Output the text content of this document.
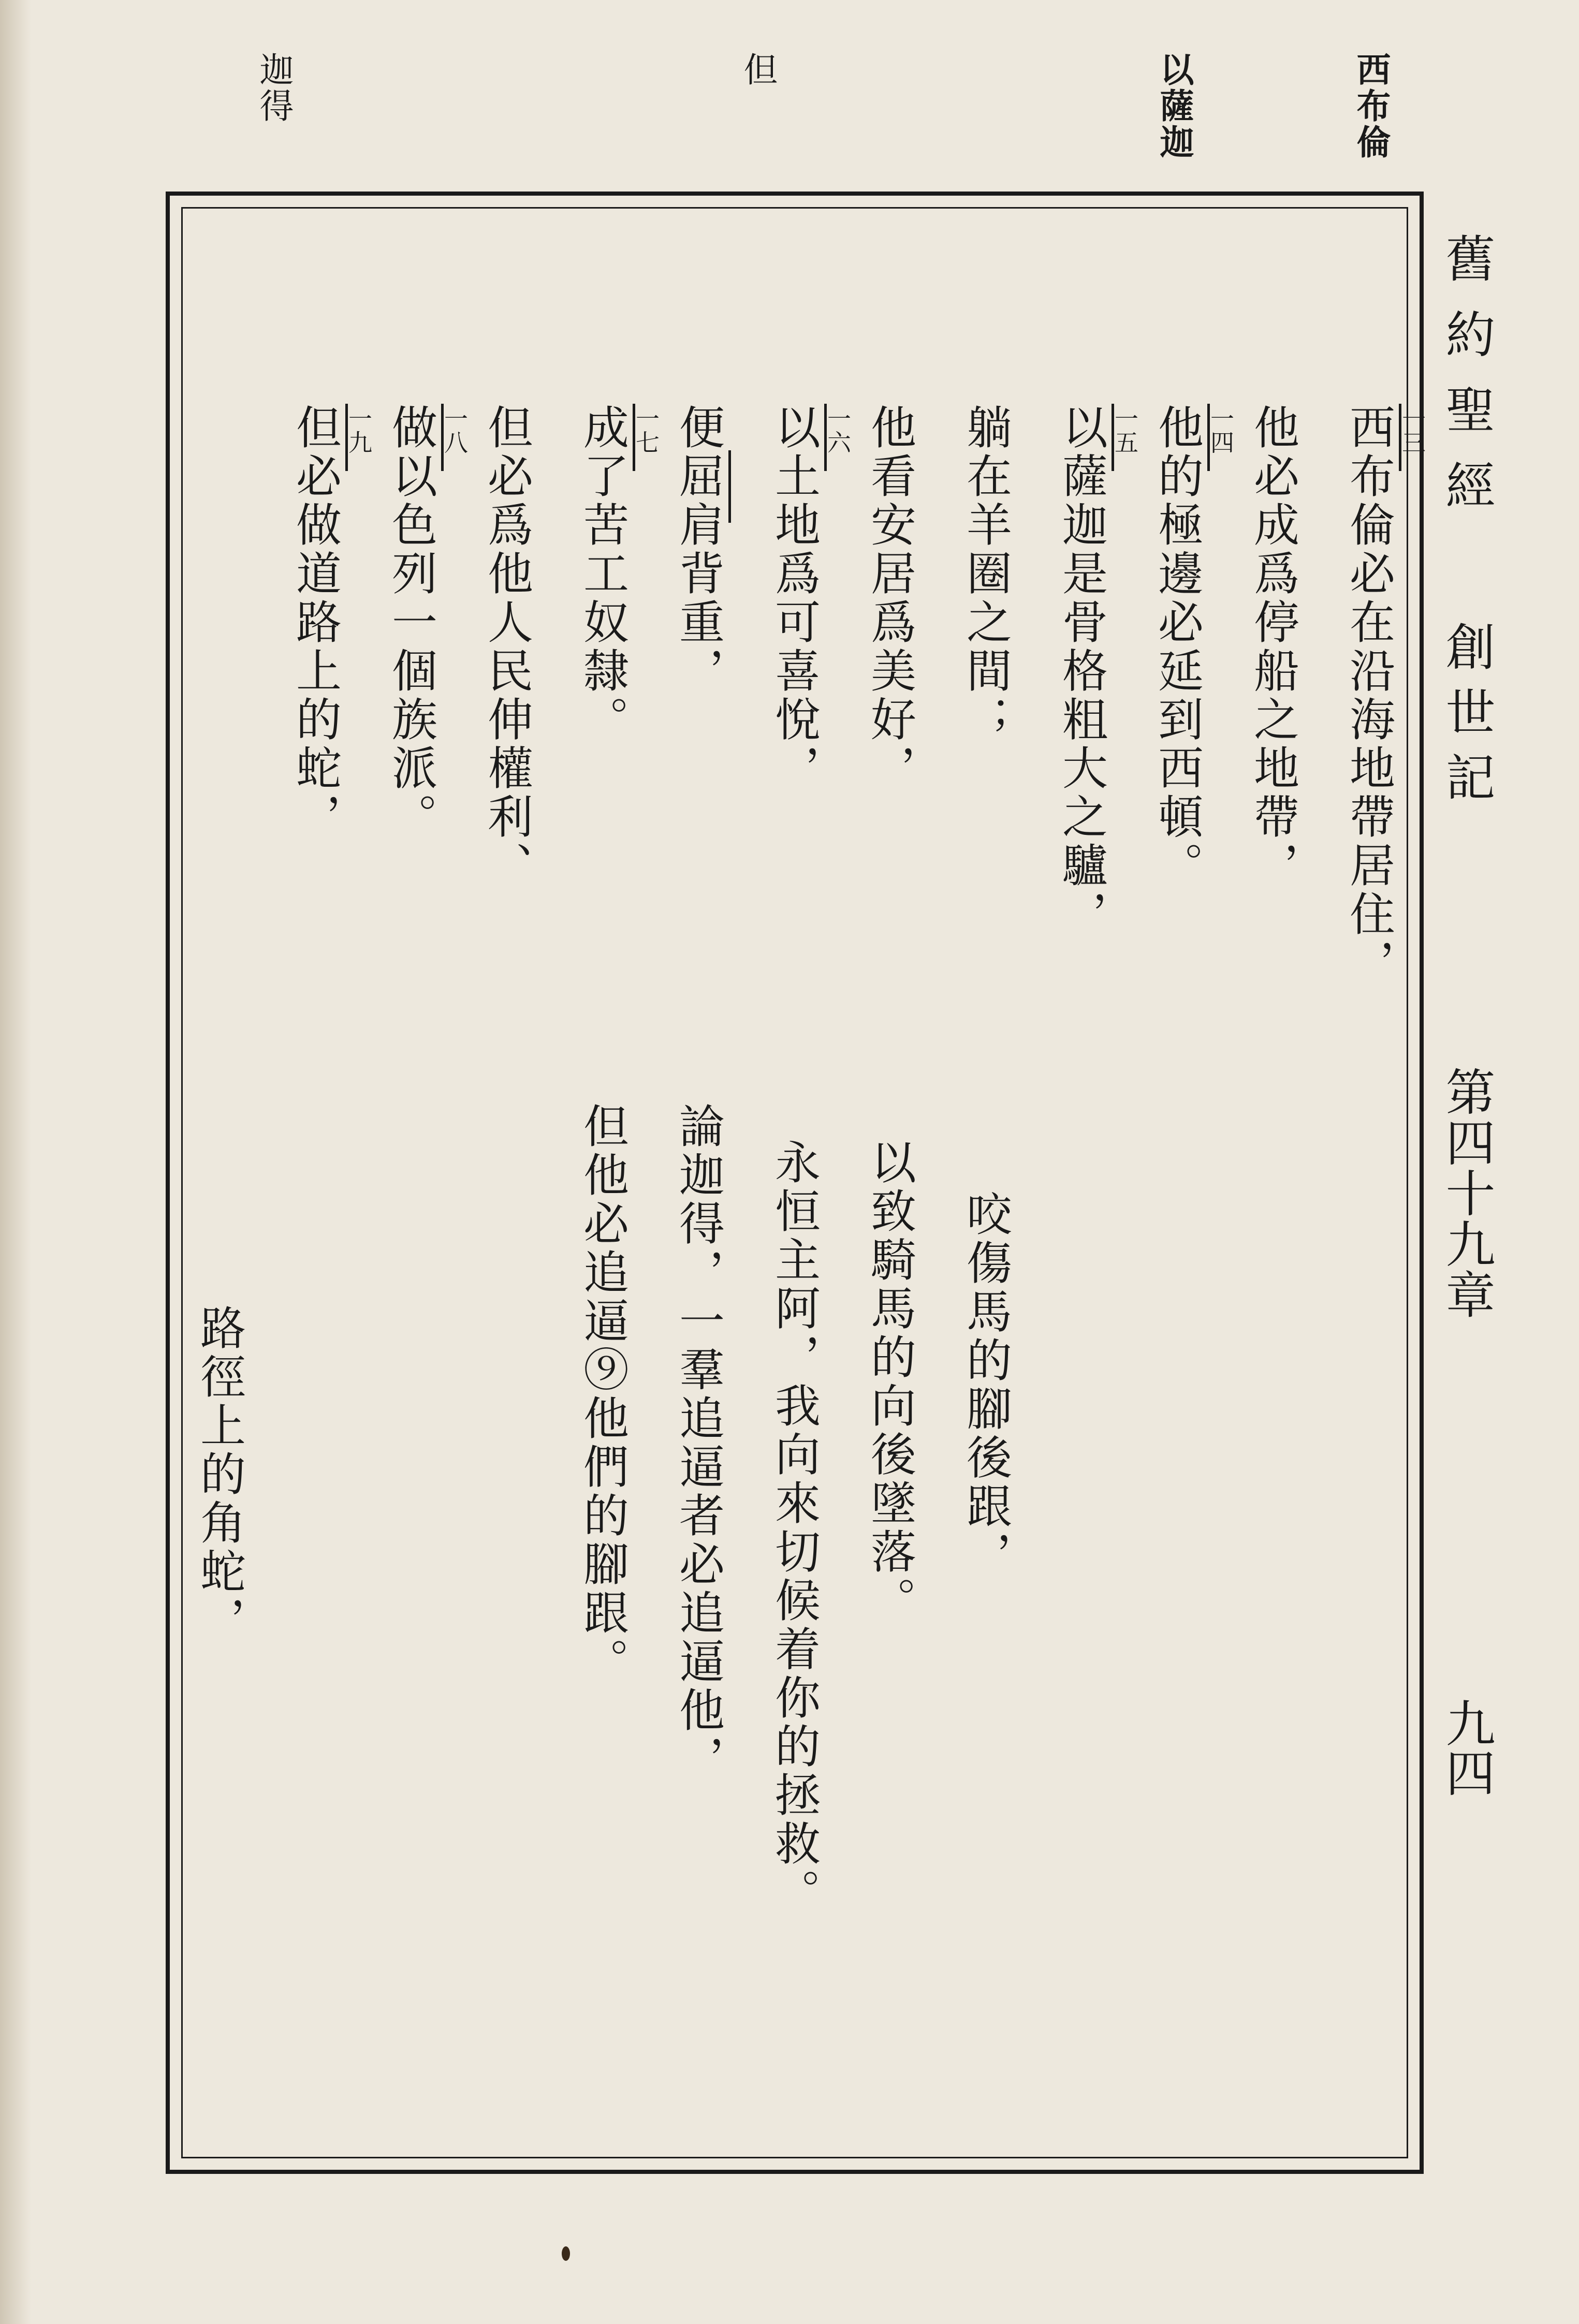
西布倫
以薩迦
但
迦得
舊約聖經
創世記
第四十九章
九四
一三
一四
一五
一六
一七
一八
一九	西布倫必在沿海地帶居住，
他必成爲停船之地帶，
他的極邊必延到西頓。
以薩迦是骨格粗大之驢，
躺在羊圈之間；
他看安居爲美好，
以土地爲可喜悅，
便屈肩背重，
成了苦工奴隸。
但必爲他人民伸權利、
做以色列一個族派。
但必做道路上的蛇，
路徑上的角蛇，	咬傷馬的腳後跟，
以致騎馬的向後墜落。
永恒主阿，我向來切候着你的拯救。
論迦得，一羣追逼者必追逼他，
但他必追逼⑨他們的腳跟。
